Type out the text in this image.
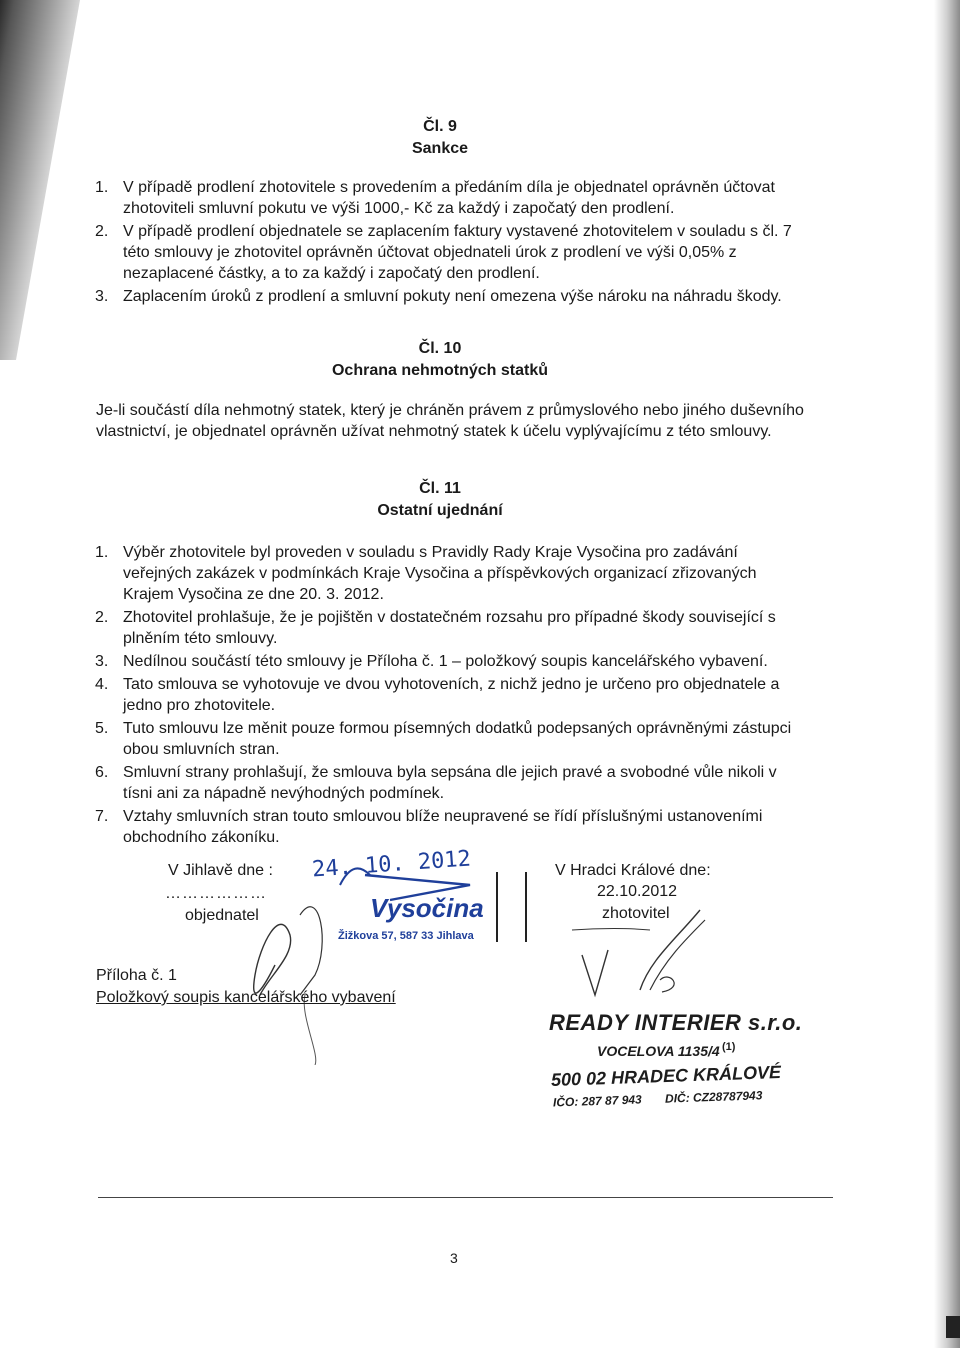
Čl. 9
Sankce
1. V případě prodlení zhotovitele s provedením a předáním díla je objednatel oprávněn účtovat zhotoviteli smluvní pokutu ve výši 1000,- Kč za každý i započatý den prodlení.
2. V případě prodlení objednatele se zaplacením faktury vystavené zhotovitelem v souladu s čl. 7 této smlouvy je zhotovitel oprávněn účtovat objednateli úrok z prodlení ve výši 0,05% z nezaplacené částky, a to za každý i započatý den prodlení.
3. Zaplacením úroků z prodlení a smluvní pokuty není omezena výše nároku na náhradu škody.
Čl. 10
Ochrana nehmotných statků

Je-li součástí díla nehmotný statek, který je chráněn právem z průmyslového nebo jiného duševního vlastnictví, je objednatel oprávněn užívat nehmotný statek k účelu vyplývajícímu z této smlouvy.

Čl. 11
Ostatní ujednání
1. Výběr zhotovitele byl proveden v souladu s Pravidly Rady Kraje Vysočina pro zadávání veřejných zakázek v podmínkách Kraje Vysočina a příspěvkových organizací zřizovaných Krajem Vysočina ze dne 20. 3. 2012.
2. Zhotovitel prohlašuje, že je pojištěn v dostatečném rozsahu pro případné škody související s plněním této smlouvy.
3. Nedílnou součástí této smlouvy je Příloha č. 1 – položkový soupis kancelářského vybavení.
4. Tato smlouva se vyhotovuje ve dvou vyhotoveních, z nichž jedno je určeno pro objednatele a jedno pro zhotovitele.
5. Tuto smlouvu lze měnit pouze formou písemných dodatků podepsaných oprávněnými zástupci obou smluvních stran.
6. Smluvní strany prohlašují, že smlouva byla sepsána dle jejich pravé a svobodné vůle nikoli v tísni ani za nápadně nevýhodných podmínek.
7. Vztahy smluvních stran touto smlouvou blíže neupravené se řídí příslušnými ustanoveními obchodního zákoníku.
V Jihlavě dne : 24. 10. 2012
………………
objednatel	Vysočina
Žižkova 57, 587 33 Jihlava
V Hradci Králové dne:
22.10.2012
zhotovitel
Příloha č. 1
Položkový soupis kancelářského vybavení
READY INTERIER s.r.o.
VOCELOVA 1135/4 (1)
500 02 HRADEC KRÁLOVÉ
IČO: 287 87 943 DIČ: CZ28787943
3
